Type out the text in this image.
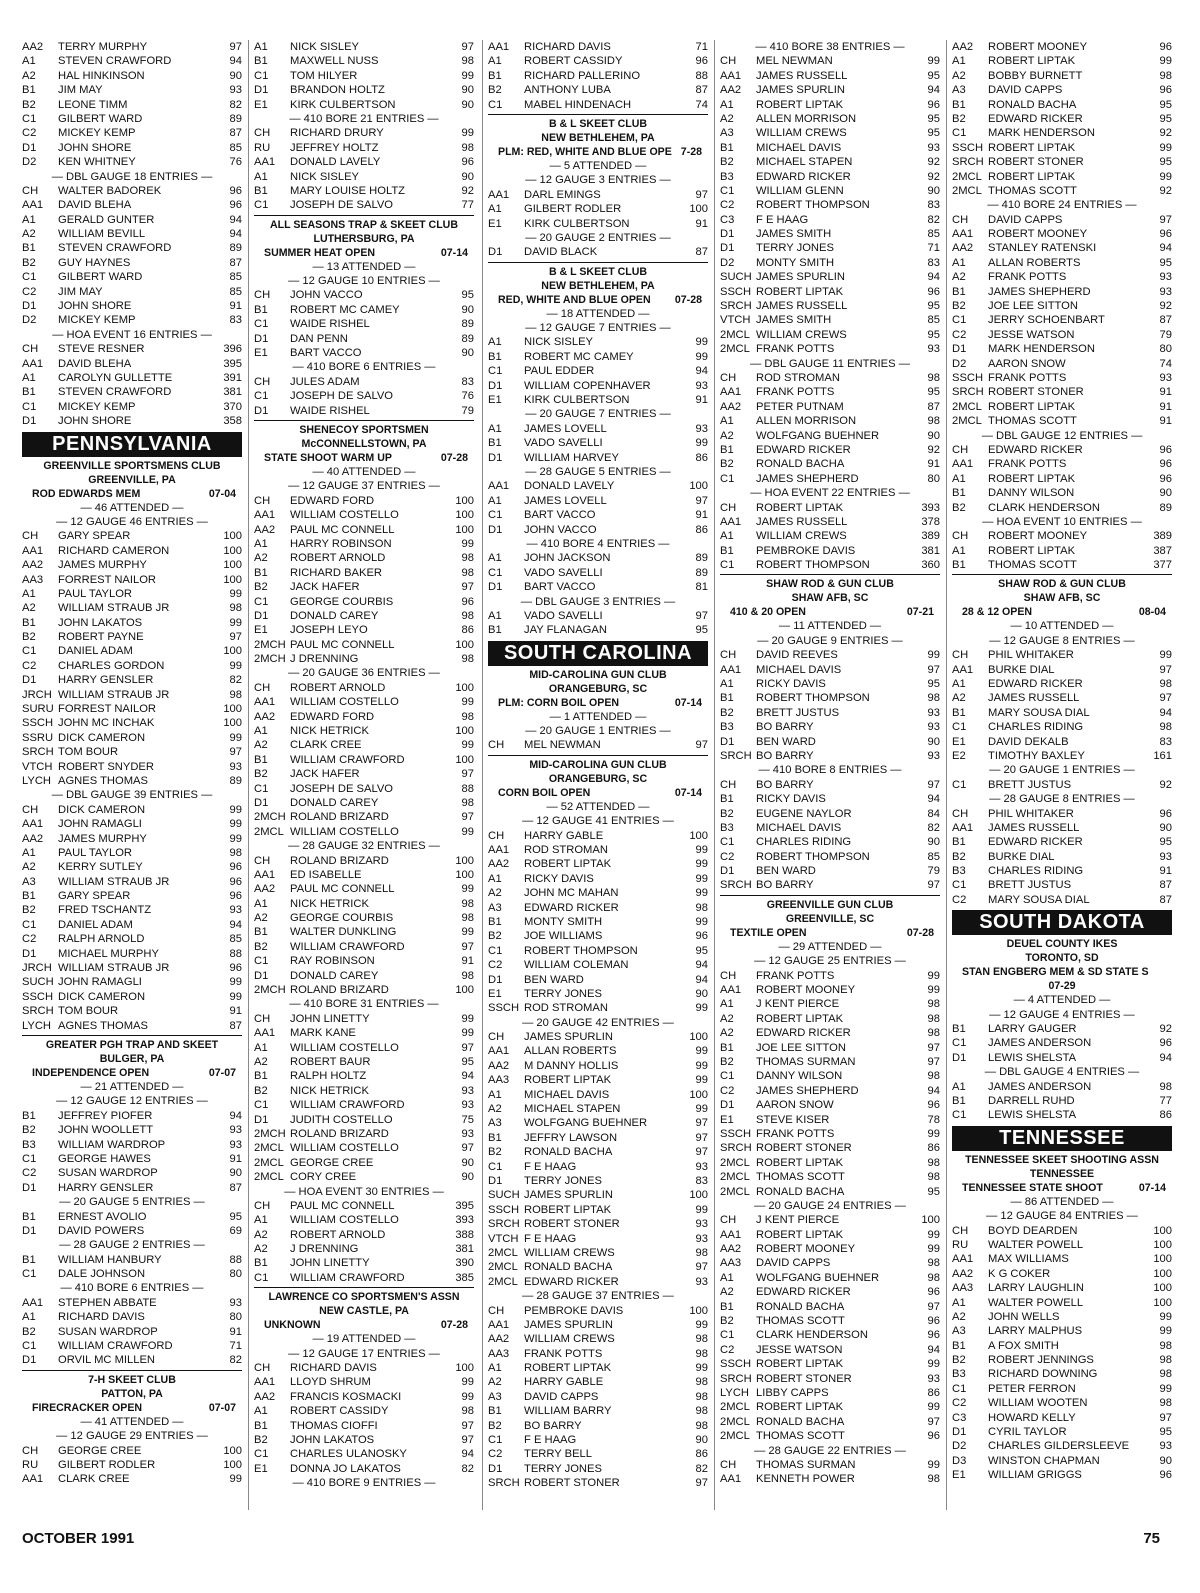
AA2	TERRY MURPHY	97
A1	STEVEN CRAWFORD	94
A2	HAL HINKINSON	90
B1	JIM MAY	93
B2	LEONE TIMM	82
C1	GILBERT WARD	89
C2	MICKEY KEMP	87
D1	JOHN SHORE	85
D2	KEN WHITNEY	76
— DBL GAUGE 18 ENTRIES —
CH	WALTER BADOREK	96
AA1	DAVID BLEHA	96
A1	GERALD GUNTER	94
A2	WILLIAM BEVILL	94
B1	STEVEN CRAWFORD	89
B2	GUY HAYNES	87
C1	GILBERT WARD	85
C2	JIM MAY	85
D1	JOHN SHORE	91
D2	MICKEY KEMP	83
— HOA EVENT 16 ENTRIES —
CH	STEVE RESNER	396
AA1	DAVID BLEHA	395
A1	CAROLYN GULLETTE	391
B1	STEVEN CRAWFORD	381
C1	MICKEY KEMP	370
D1	JOHN SHORE	358
PENNSYLVANIA
GREENVILLE SPORTSMENS CLUB
GREENVILLE, PA
ROD EDWARDS MEM	07-04
— 46 ATTENDED —
— 12 GAUGE 46 ENTRIES —
CH	GARY SPEAR	100
AA1	RICHARD CAMERON	100
AA2	JAMES MURPHY	100
AA3	FORREST NAILOR	100
A1	PAUL TAYLOR	99
A2	WILLIAM STRAUB JR	98
B1	JOHN LAKATOS	99
B2	ROBERT PAYNE	97
C1	DANIEL ADAM	100
C2	CHARLES GORDON	99
D1	HARRY GENSLER	82
JRCH WILLIAM STRAUB JR	98
SURU FORREST NAILOR	100
SSCH JOHN MC INCHAK	100
SSRU DICK CAMERON	99
SRCH TOM BOUR	97
VTCH ROBERT SNYDER	93
LYCH AGNES THOMAS	89
— DBL GAUGE 39 ENTRIES —
CH	DICK CAMERON	99
AA1	JOHN RAMAGLI	99
AA2	JAMES MURPHY	99
A1	PAUL TAYLOR	98
A2	KERRY SUTLEY	96
A3	WILLIAM STRAUB JR	96
B1	GARY SPEAR	96
B2	FRED TSCHANTZ	93
C1	DANIEL ADAM	94
C2	RALPH ARNOLD	85
D1	MICHAEL MURPHY	88
JRCH WILLIAM STRAUB JR	96
SUCH JOHN RAMAGLI	99
SSCH DICK CAMERON	99
SRCH TOM BOUR	91
LYCH AGNES THOMAS	87
GREATER PGH TRAP AND SKEET
BULGER, PA
INDEPENDENCE OPEN	07-07
— 21 ATTENDED —
— 12 GAUGE 12 ENTRIES —
B1	JEFFREY PIOFER	94
B2	JOHN WOOLLETT	93
B3	WILLIAM WARDROP	93
C1	GEORGE HAWES	91
C2	SUSAN WARDROP	90
D1	HARRY GENSLER	87
— 20 GAUGE 5 ENTRIES —
B1	ERNEST AVOLIO	95
D1	DAVID POWERS	69
— 28 GAUGE 2 ENTRIES —
B1	WILLIAM HANBURY	88
C1	DALE JOHNSON	80
— 410 BORE 6 ENTRIES —
AA1	STEPHEN ABBATE	93
A1	RICHARD DAVIS	80
B2	SUSAN WARDROP	91
C1	WILLIAM CRAWFORD	71
D1	ORVIL MC MILLEN	82
7-H SKEET CLUB
PATTON, PA
FIRECRACKER OPEN	07-07
— 41 ATTENDED —
— 12 GAUGE 29 ENTRIES —
CH	GEORGE CREE	100
RU	GILBERT RODLER	100
AA1	CLARK CREE	99
A1	NICK SISLEY	97
B1	MAXWELL NUSS	98
C1	TOM HILYER	99
D1	BRANDON HOLTZ	90
E1	KIRK CULBERTSON	90
— 410 BORE 21 ENTRIES —
CH	RICHARD DRURY	99
RU	JEFFREY HOLTZ	98
AA1	DONALD LAVELY	96
A1	NICK SISLEY	90
B1	MARY LOUISE HOLTZ	92
C1	JOSEPH DE SALVO	77
ALL SEASONS TRAP & SKEET CLUB
LUTHERSBURG, PA
SUMMER HEAT OPEN	07-14
— 13 ATTENDED —
— 12 GAUGE 10 ENTRIES —
CH	JOHN VACCO	95
B1	ROBERT MC CAMEY	90
C1	WAIDE RISHEL	89
D1	DAN PENN	89
E1	BART VACCO	90
— 410 BORE 6 ENTRIES —
CH	JULES ADAM	83
C1	JOSEPH DE SALVO	76
D1	WAIDE RISHEL	79
SHENECOY SPORTSMEN
McCONNELLSTOWN, PA
STATE SHOOT WARM UP	07-28
— 40 ATTENDED —
— 12 GAUGE 37 ENTRIES —
CH	EDWARD FORD	100
AA1	WILLIAM COSTELLO	100
AA2	PAUL MC CONNELL	100
A1	HARRY ROBINSON	99
A2	ROBERT ARNOLD	98
B1	RICHARD BAKER	98
B2	JACK HAFER	97
C1	GEORGE COURBIS	96
D1	DONALD CAREY	98
E1	JOSEPH LEYO	86
2MCH PAUL MC CONNELL	100
2MCH J DRENNING	98
— 20 GAUGE 36 ENTRIES —
CH	ROBERT ARNOLD	100
AA1	WILLIAM COSTELLO	99
AA2	EDWARD FORD	98
A1	NICK HETRICK	100
A2	CLARK CREE	99
B1	WILLIAM CRAWFORD	100
B2	JACK HAFER	97
C1	JOSEPH DE SALVO	88
D1	DONALD CAREY	98
2MCH ROLAND BRIZARD	97
2MCL WILLIAM COSTELLO	99
— 28 GAUGE 32 ENTRIES —
CH	ROLAND BRIZARD	100
AA1	ED ISABELLE	100
AA2	PAUL MC CONNELL	99
A1	NICK HETRICK	98
A2	GEORGE COURBIS	98
B1	WALTER DUNKLING	99
B2	WILLIAM CRAWFORD	97
C1	RAY ROBINSON	91
D1	DONALD CAREY	98
2MCH ROLAND BRIZARD	100
— 410 BORE 31 ENTRIES —
CH	JOHN LINETTY	99
AA1	MARK KANE	99
A1	WILLIAM COSTELLO	97
A2	ROBERT BAUR	95
B1	RALPH HOLTZ	94
B2	NICK HETRICK	93
C1	WILLIAM CRAWFORD	93
D1	JUDITH COSTELLO	75
2MCH ROLAND BRIZARD	93
2MCL WILLIAM COSTELLO	97
2MCL GEORGE CREE	90
2MCL CORY CREE	90
— HOA EVENT 30 ENTRIES —
CH	PAUL MC CONNELL	395
A1	WILLIAM COSTELLO	393
A2	ROBERT ARNOLD	388
A2	J DRENNING	381
B1	JOHN LINETTY	390
C1	WILLIAM CRAWFORD	385
LAWRENCE CO SPORTSMEN'S ASSN
NEW CASTLE, PA
UNKNOWN	07-28
— 19 ATTENDED —
— 12 GAUGE 17 ENTRIES —
CH	RICHARD DAVIS	100
AA1	LLOYD SHRUM	99
AA2	FRANCIS KOSMACKI	99
A1	ROBERT CASSIDY	98
B1	THOMAS CIOFFI	97
B2	JOHN LAKATOS	97
C1	CHARLES ULANOSKY	94
E1	DONNA JO LAKATOS	82
— 410 BORE 9 ENTRIES —
AA1	RICHARD DAVIS	71
A1	ROBERT CASSIDY	96
B1	RICHARD PALLERINO	88
B2	ANTHONY LUBA	87
C1	MABEL HINDENACH	74
B & L SKEET CLUB
NEW BETHLEHEM, PA
PLM: RED, WHITE AND BLUE OPE 7-28
— 5 ATTENDED —
— 12 GAUGE 3 ENTRIES —
AA1	DARL EMINGS	97
A1	GILBERT RODLER	100
E1	KIRK CULBERTSON	91
— 20 GAUGE 2 ENTRIES —
D1	DAVID BLACK	87
B & L SKEET CLUB
NEW BETHLEHEM, PA
RED, WHITE AND BLUE OPEN 07-28
— 18 ATTENDED —
— 12 GAUGE 7 ENTRIES —
A1	NICK SISLEY	99
B1	ROBERT MC CAMEY	99
C1	PAUL EDDER	94
D1	WILLIAM COPENHAVER	93
E1	KIRK CULBERTSON	91
— 20 GAUGE 7 ENTRIES —
A1	JAMES LOVELL	93
B1	VADO SAVELLI	99
D1	WILLIAM HARVEY	86
— 28 GAUGE 5 ENTRIES —
AA1	DONALD LAVELY	100
A1	JAMES LOVELL	97
C1	BART VACCO	91
D1	JOHN VACCO	86
— 410 BORE 4 ENTRIES —
A1	JOHN JACKSON	89
C1	VADO SAVELLI	89
D1	BART VACCO	81
— DBL GAUGE 3 ENTRIES —
A1	VADO SAVELLI	97
B1	JAY FLANAGAN	95
SOUTH CAROLINA
MID-CAROLINA GUN CLUB
ORANGEBURG, SC
PLM: CORN BOIL OPEN	07-14
— 1 ATTENDED —
— 20 GAUGE 1 ENTRIES —
CH	MEL NEWMAN	97
MID-CAROLINA GUN CLUB
ORANGEBURG, SC
CORN BOIL OPEN	07-14
— 52 ATTENDED —
— 12 GAUGE 41 ENTRIES —
CH	HARRY GABLE	100
AA1	ROD STROMAN	99
AA2	ROBERT LIPTAK	99
A1	RICKY DAVIS	99
A2	JOHN MC MAHAN	99
A3	EDWARD RICKER	98
B1	MONTY SMITH	99
B2	JOE WILLIAMS	96
C1	ROBERT THOMPSON	95
C2	WILLIAM COLEMAN	94
D1	BEN WARD	94
E1	TERRY JONES	90
SSCH ROD STROMAN	99
— 20 GAUGE 42 ENTRIES —
CH	JAMES SPURLIN	100
AA1	ALLAN ROBERTS	99
AA2	M DANNY HOLLIS	99
AA3	ROBERT LIPTAK	99
A1	MICHAEL DAVIS	100
A2	MICHAEL STAPEN	99
A3	WOLFGANG BUEHNER	97
B1	JEFFRY LAWSON	97
B2	RONALD BACHA	97
C1	F E HAAG	93
D1	TERRY JONES	83
SUCH JAMES SPURLIN	100
SSCH ROBERT LIPTAK	99
SRCH ROBERT STONER	93
VTCH F E HAAG	93
2MCL WILLIAM CREWS	98
2MCL RONALD BACHA	97
2MCL EDWARD RICKER	93
— 28 GAUGE 37 ENTRIES —
CH	PEMBROKE DAVIS	100
AA1	JAMES SPURLIN	99
AA2	WILLIAM CREWS	98
AA3	FRANK POTTS	98
A1	ROBERT LIPTAK	99
A2	HARRY GABLE	98
A3	DAVID CAPPS	98
B1	WILLIAM BARRY	98
B2	BO BARRY	98
C1	F E HAAG	90
C2	TERRY BELL	86
D1	TERRY JONES	82
SRCH ROBERT STONER	97
— 410 BORE 38 ENTRIES —
CH	MEL NEWMAN	99
AA1	JAMES RUSSELL	95
AA2	JAMES SPURLIN	94
A1	ROBERT LIPTAK	96
A2	ALLEN MORRISON	95
A3	WILLIAM CREWS	95
B1	MICHAEL DAVIS	93
B2	MICHAEL STAPEN	92
B3	EDWARD RICKER	92
C1	WILLIAM GLENN	90
C2	ROBERT THOMPSON	83
C3	F E HAAG	82
D1	JAMES SMITH	85
D1	TERRY JONES	71
D2	MONTY SMITH	83
SUCH JAMES SPURLIN	94
SSCH ROBERT LIPTAK	96
SRCH JAMES RUSSELL	95
VTCH JAMES SMITH	85
2MCL WILLIAM CREWS	95
2MCL FRANK POTTS	93
— DBL GAUGE 11 ENTRIES —
CH	ROD STROMAN	98
AA1	FRANK POTTS	95
AA2	PETER PUTNAM	87
A1	ALLEN MORRISON	98
A2	WOLFGANG BUEHNER	90
B1	EDWARD RICKER	92
B2	RONALD BACHA	91
C1	JAMES SHEPHERD	80
— HOA EVENT 22 ENTRIES —
CH	ROBERT LIPTAK	393
AA1	JAMES RUSSELL	378
A1	WILLIAM CREWS	389
B1	PEMBROKE DAVIS	381
C1	ROBERT THOMPSON	360
SHAW ROD & GUN CLUB
SHAW AFB, SC
410 & 20 OPEN	07-21
— 11 ATTENDED —
— 20 GAUGE 9 ENTRIES —
CH	DAVID REEVES	99
AA1	MICHAEL DAVIS	97
A1	RICKY DAVIS	95
B1	ROBERT THOMPSON	98
B2	BRETT JUSTUS	93
B3	BO BARRY	93
D1	BEN WARD	90
SRCH BO BARRY	93
— 410 BORE 8 ENTRIES —
CH	BO BARRY	97
B1	RICKY DAVIS	94
B2	EUGENE NAYLOR	84
B3	MICHAEL DAVIS	82
C1	CHARLES RIDING	90
C2	ROBERT THOMPSON	85
D1	BEN WARD	79
SRCH BO BARRY	97
GREENVILLE GUN CLUB
GREENVILLE, SC
TEXTILE OPEN	07-28
— 29 ATTENDED —
— 12 GAUGE 25 ENTRIES —
CH	FRANK POTTS	99
AA1	ROBERT MOONEY	99
A1	J KENT PIERCE	98
A2	ROBERT LIPTAK	98
A2	EDWARD RICKER	98
B1	JOE LEE SITTON	97
B2	THOMAS SURMAN	97
C1	DANNY WILSON	98
C2	JAMES SHEPHERD	94
D1	AARON SNOW	96
E1	STEVE KISER	78
SSCH FRANK POTTS	99
SRCH ROBERT STONER	86
2MCL ROBERT LIPTAK	98
2MCL THOMAS SCOTT	98
2MCL RONALD BACHA	95
— 20 GAUGE 24 ENTRIES —
CH	J KENT PIERCE	100
AA1	ROBERT LIPTAK	99
AA2	ROBERT MOONEY	99
AA3	DAVID CAPPS	98
A1	WOLFGANG BUEHNER	98
A2	EDWARD RICKER	96
B1	RONALD BACHA	97
B2	THOMAS SCOTT	96
C1	CLARK HENDERSON	96
C2	JESSE WATSON	94
SSCH ROBERT LIPTAK	99
SRCH ROBERT STONER	93
LYCH LIBBY CAPPS	86
2MCL ROBERT LIPTAK	99
2MCL RONALD BACHA	97
2MCL THOMAS SCOTT	96
— 28 GAUGE 22 ENTRIES —
CH	THOMAS SURMAN	99
AA1	KENNETH POWER	98
AA2	ROBERT MOONEY	96
A1	ROBERT LIPTAK	99
A2	BOBBY BURNETT	98
A3	DAVID CAPPS	96
B1	RONALD BACHA	95
B2	EDWARD RICKER	95
C1	MARK HENDERSON	92
SSCH ROBERT LIPTAK	99
SRCH ROBERT STONER	95
2MCL ROBERT LIPTAK	99
2MCL THOMAS SCOTT	92
— 410 BORE 24 ENTRIES —
CH	DAVID CAPPS	97
AA1	ROBERT MOONEY	96
AA2	STANLEY RATENSKI	94
A1	ALLAN ROBERTS	95
A2	FRANK POTTS	93
B1	JAMES SHEPHERD	93
B2	JOE LEE SITTON	92
C1	JERRY SCHOENBART	87
C2	JESSE WATSON	79
D1	MARK HENDERSON	80
D2	AARON SNOW	74
SSCH FRANK POTTS	93
SRCH ROBERT STONER	91
2MCL ROBERT LIPTAK	91
2MCL THOMAS SCOTT	91
— DBL GAUGE 12 ENTRIES —
CH	EDWARD RICKER	96
AA1	FRANK POTTS	96
A1	ROBERT LIPTAK	96
B1	DANNY WILSON	90
B2	CLARK HENDERSON	89
— HOA EVENT 10 ENTRIES —
CH	ROBERT MOONEY	389
A1	ROBERT LIPTAK	387
B1	THOMAS SCOTT	377
SHAW ROD & GUN CLUB
SHAW AFB, SC
28 & 12 OPEN	08-04
— 10 ATTENDED —
— 12 GAUGE 8 ENTRIES —
CH	PHIL WHITAKER	99
AA1	BURKE DIAL	97
A1	EDWARD RICKER	98
A2	JAMES RUSSELL	97
B1	MARY SOUSA DIAL	94
C1	CHARLES RIDING	98
E1	DAVID DEKALB	83
E2	TIMOTHY BAXLEY	161
— 20 GAUGE 1 ENTRIES —
C1	BRETT JUSTUS	92
— 28 GAUGE 8 ENTRIES —
CH	PHIL WHITAKER	96
AA1	JAMES RUSSELL	90
B1	EDWARD RICKER	95
B2	BURKE DIAL	93
B3	CHARLES RIDING	91
C1	BRETT JUSTUS	87
C2	MARY SOUSA DIAL	87
SOUTH DAKOTA
DEUEL COUNTY IKES
TORONTO, SD
STAN ENGBERG MEM & SD STATE S
07-29
— 4 ATTENDED —
— 12 GAUGE 4 ENTRIES —
B1	LARRY GAUGER	92
C1	JAMES ANDERSON	96
D1	LEWIS SHELSTA	94
— DBL GAUGE 4 ENTRIES —
A1	JAMES ANDERSON	98
B1	DARRELL RUHD	77
C1	LEWIS SHELSTA	86
TENNESSEE
TENNESSEE SKEET SHOOTING ASSN
TENNESSEE
TENNESSEE STATE SHOOT	07-14
— 86 ATTENDED —
— 12 GAUGE 84 ENTRIES —
CH	BOYD DEARDEN	100
RU	WALTER POWELL	100
AA1	MAX WILLIAMS	100
AA2	K G COKER	100
AA3	LARRY LAUGHLIN	100
A1	WALTER POWELL	100
A2	JOHN WELLS	99
A3	LARRY MALPHUS	99
B1	A FOX SMITH	98
B2	ROBERT JENNINGS	98
B3	RICHARD DOWNING	98
C1	PETER FERRON	99
C2	WILLIAM WOOTEN	98
C3	HOWARD KELLY	97
D1	CYRIL TAYLOR	95
D2	CHARLES GILDERSLEEVE	93
D3	WINSTON CHAPMAN	90
E1	WILLIAM GRIGGS	96
OCTOBER 1991	75
